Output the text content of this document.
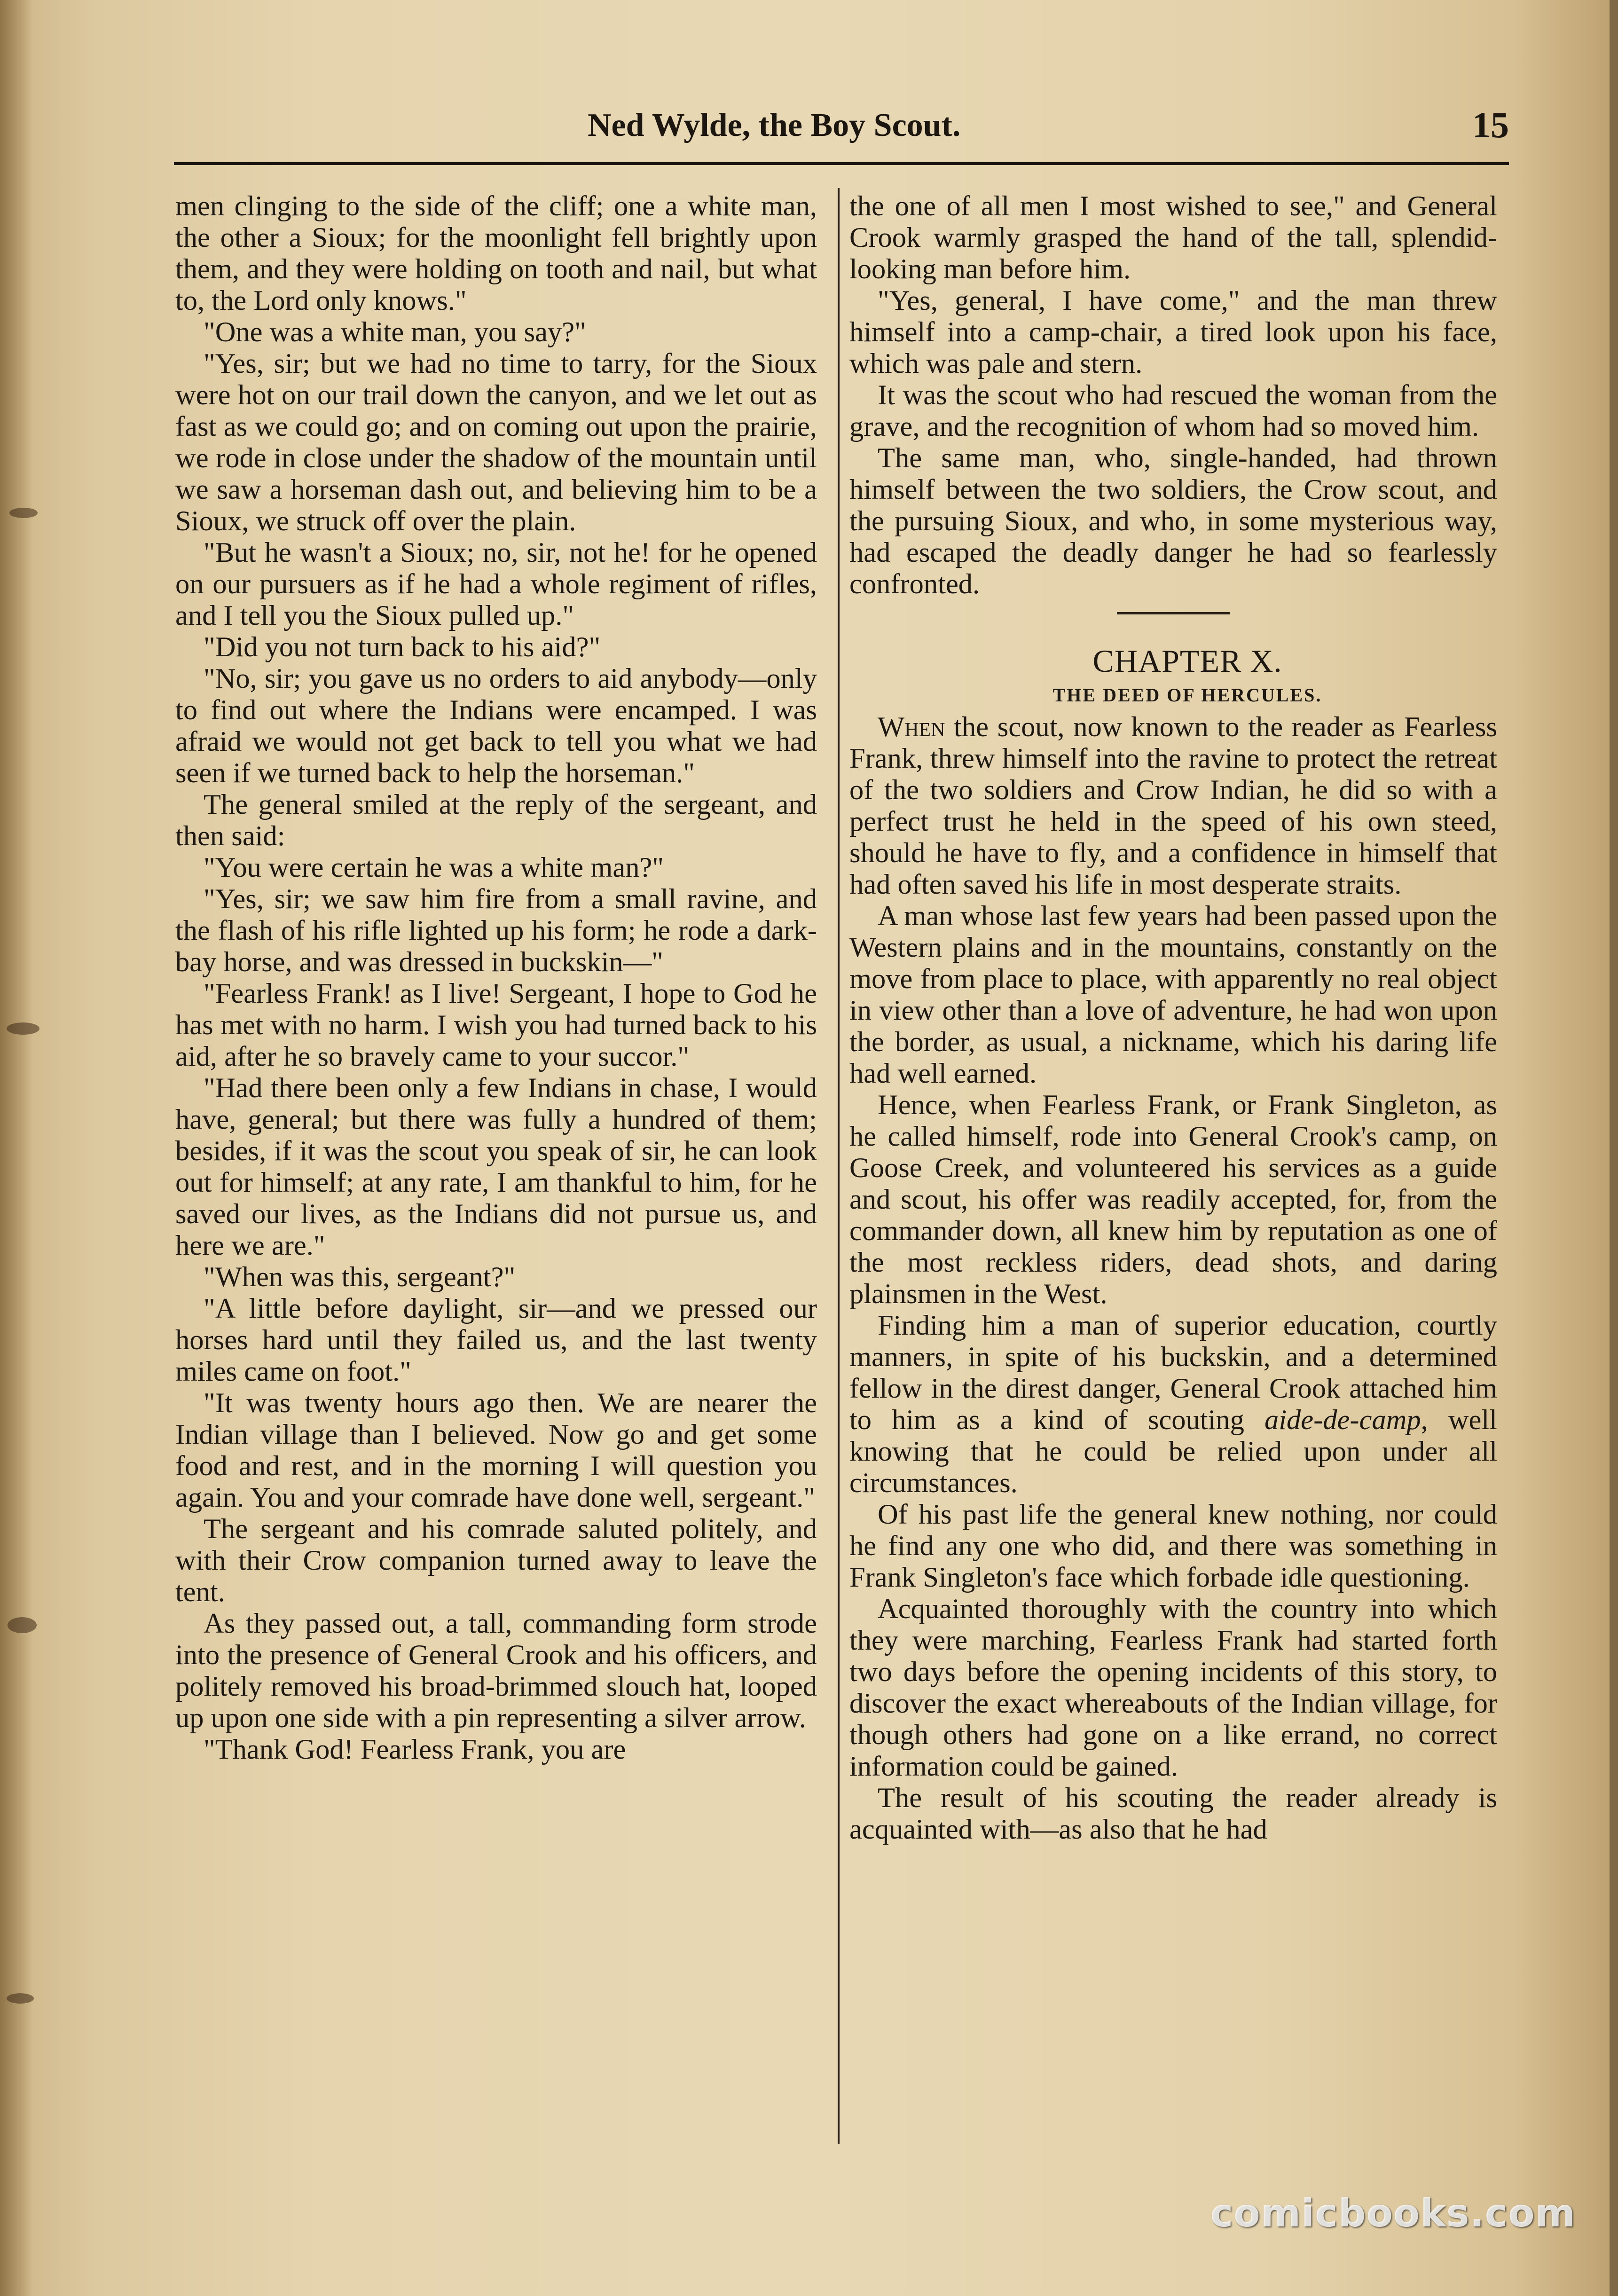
Ned Wylde, the Boy Scout.	15

men clinging to the side of the cliff; one a white man, the other a Sioux; for the moonlight fell brightly upon them, and they were holding on tooth and nail, but what to, the Lord only knows."

"One was a white man, you say?"

"Yes, sir; but we had no time to tarry, for the Sioux were hot on our trail down the canyon, and we let out as fast as we could go; and on coming out upon the prairie, we rode in close under the shadow of the mountain until we saw a horseman dash out, and believing him to be a Sioux, we struck off over the plain.

"But he wasn't a Sioux; no, sir, not he! for he opened on our pursuers as if he had a whole regiment of rifles, and I tell you the Sioux pulled up."

"Did you not turn back to his aid?"

"No, sir; you gave us no orders to aid anybody—only to find out where the Indians were encamped. I was afraid we would not get back to tell you what we had seen if we turned back to help the horseman."

The general smiled at the reply of the sergeant, and then said:

"You were certain he was a white man?"

"Yes, sir; we saw him fire from a small ravine, and the flash of his rifle lighted up his form; he rode a dark-bay horse, and was dressed in buckskin—"

"Fearless Frank! as I live! Sergeant, I hope to God he has met with no harm. I wish you had turned back to his aid, after he so bravely came to your succor."

"Had there been only a few Indians in chase, I would have, general; but there was fully a hundred of them; besides, if it was the scout you speak of sir, he can look out for himself; at any rate, I am thankful to him, for he saved our lives, as the Indians did not pursue us, and here we are."

"When was this, sergeant?"

"A little before daylight, sir—and we pressed our horses hard until they failed us, and the last twenty miles came on foot."

"It was twenty hours ago then. We are nearer the Indian village than I believed. Now go and get some food and rest, and in the morning I will question you again. You and your comrade have done well, sergeant."

The sergeant and his comrade saluted politely, and with their Crow companion turned away to leave the tent.

As they passed out, a tall, commanding form strode into the presence of General Crook and his officers, and politely removed his broad-brimmed slouch hat, looped up upon one side with a pin representing a silver arrow.

"Thank God! Fearless Frank, you are

the one of all men I most wished to see," and General Crook warmly grasped the hand of the tall, splendid-looking man before him.

"Yes, general, I have come," and the man threw himself into a camp-chair, a tired look upon his face, which was pale and stern.

It was the scout who had rescued the woman from the grave, and the recognition of whom had so moved him.

The same man, who, single-handed, had thrown himself between the two soldiers, the Crow scout, and the pursuing Sioux, and who, in some mysterious way, had escaped the deadly danger he had so fearlessly confronted.

CHAPTER X.

THE DEED OF HERCULES.

When the scout, now known to the reader as Fearless Frank, threw himself into the ravine to protect the retreat of the two soldiers and Crow Indian, he did so with a perfect trust he held in the speed of his own steed, should he have to fly, and a confidence in himself that had often saved his life in most desperate straits.

A man whose last few years had been passed upon the Western plains and in the mountains, constantly on the move from place to place, with apparently no real object in view other than a love of adventure, he had won upon the border, as usual, a nickname, which his daring life had well earned.

Hence, when Fearless Frank, or Frank Singleton, as he called himself, rode into General Crook's camp, on Goose Creek, and volunteered his services as a guide and scout, his offer was readily accepted, for, from the commander down, all knew him by reputation as one of the most reckless riders, dead shots, and daring plainsmen in the West.

Finding him a man of superior education, courtly manners, in spite of his buckskin, and a determined fellow in the direst danger, General Crook attached him to him as a kind of scouting aide-de-camp, well knowing that he could be relied upon under all circumstances.

Of his past life the general knew nothing, nor could he find any one who did, and there was something in Frank Singleton's face which forbade idle questioning.

Acquainted thoroughly with the country into which they were marching, Fearless Frank had started forth two days before the opening incidents of this story, to discover the exact whereabouts of the Indian village, for though others had gone on a like errand, no correct information could be gained.

The result of his scouting the reader already is acquainted with—as also that he had

comicbooks.com
